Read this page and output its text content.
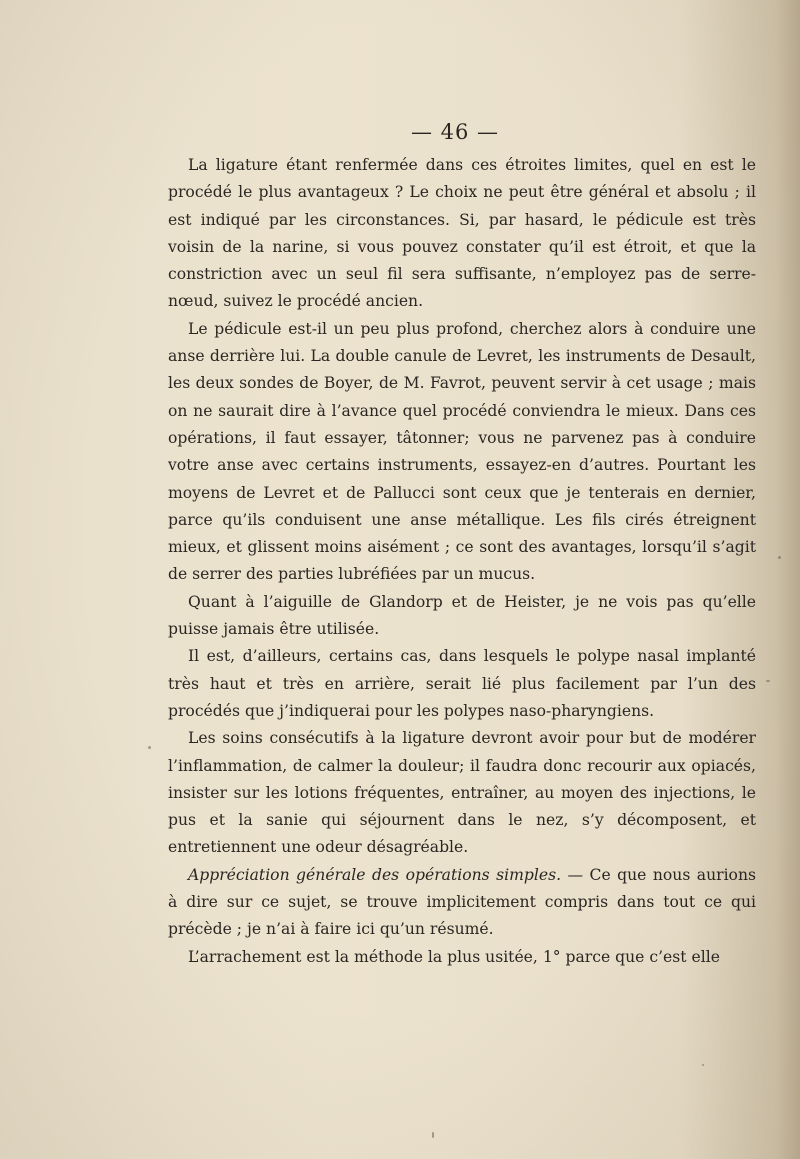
— 46 —

La ligature étant renfermée dans ces étroites limites, quel en est le procédé le plus avantageux ? Le choix ne peut être général et absolu ; il est indiqué par les circonstances. Si, par hasard, le pédicule est très voisin de la narine, si vous pouvez constater qu’il est étroit, et que la constriction avec un seul fil sera suffisante, n’employez pas de serre-nœud, suivez le procédé ancien.

Le pédicule est-il un peu plus profond, cherchez alors à conduire une anse derrière lui. La double canule de Levret, les instruments de Desault, les deux sondes de Boyer, de M. Favrot, peuvent servir à cet usage ; mais on ne saurait dire à l’avance quel procédé conviendra le mieux. Dans ces opérations, il faut essayer, tâtonner; vous ne parvenez pas à conduire votre anse avec certains instruments, essayez-en d’autres. Pourtant les moyens de Levret et de Pallucci sont ceux que je tenterais en dernier, parce qu’ils conduisent une anse métallique. Les fils cirés étreignent mieux, et glissent moins aisément ; ce sont des avantages, lorsqu’il s’agit de serrer des parties lubréfiées par un mucus.

Quant à l’aiguille de Glandorp et de Heister, je ne vois pas qu’elle puisse jamais être utilisée.

Il est, d’ailleurs, certains cas, dans lesquels le polype nasal implanté très haut et très en arrière, serait lié plus facilement par l’un des procédés que j’indiquerai pour les polypes naso-pharyngiens.

Les soins consécutifs à la ligature devront avoir pour but de modérer l’inflammation, de calmer la douleur; il faudra donc recourir aux opiacés, insister sur les lotions fréquentes, entraîner, au moyen des injections, le pus et la sanie qui séjournent dans le nez, s’y décomposent, et entretiennent une odeur désagréable.

Appréciation générale des opérations simples. — Ce que nous aurions à dire sur ce sujet, se trouve implicitement compris dans tout ce qui précède ; je n’ai à faire ici qu’un résumé.

L’arrachement est la méthode la plus usitée, 1° parce que c’est elle
